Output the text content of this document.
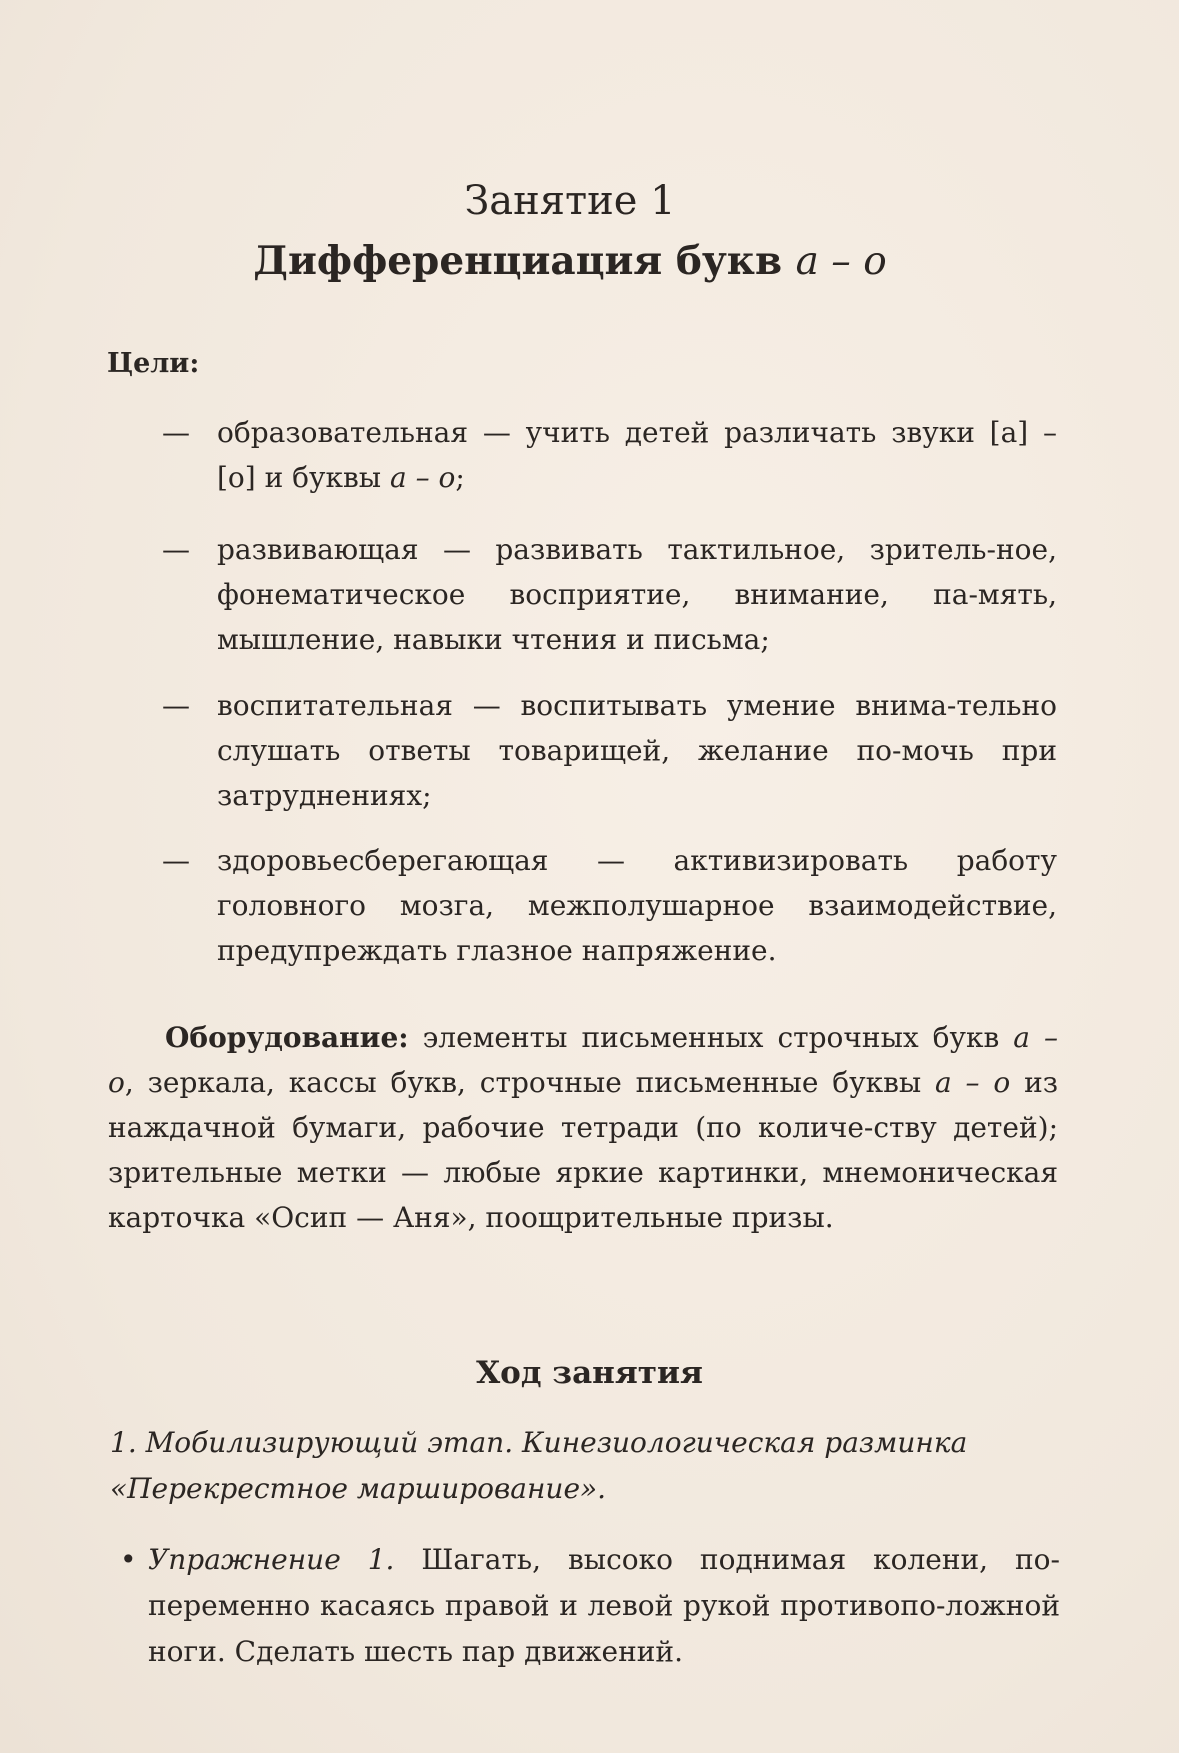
Занятие 1
Дифференциация букв а – о
Цели:
— образовательная — учить детей различать звуки [а] – [о] и буквы а – о;
— развивающая — развивать тактильное, зритель-ное, фонематическое восприятие, внимание, па-мять, мышление, навыки чтения и письма;
— воспитательная — воспитывать умение внима-тельно слушать ответы товарищей, желание по-мочь при затруднениях;
— здоровьесберегающая — активизировать работу головного мозга, межполушарное взаимодействие, предупреждать глазное напряжение.
Оборудование: элементы письменных строчных букв а – о, зеркала, кассы букв, строчные письменные буквы а – о из наждачной бумаги, рабочие тетради (по количе-ству детей); зрительные метки — любые яркие картинки, мнемоническая карточка «Осип — Аня», поощрительные призы.
Ход занятия
1. Мобилизирующий этап. Кинезиологическая разминка «Перекрестное марширование».
• Упражнение 1. Шагать, высоко поднимая колени, по-переменно касаясь правой и левой рукой противопо-ложной ноги. Сделать шесть пар движений.
